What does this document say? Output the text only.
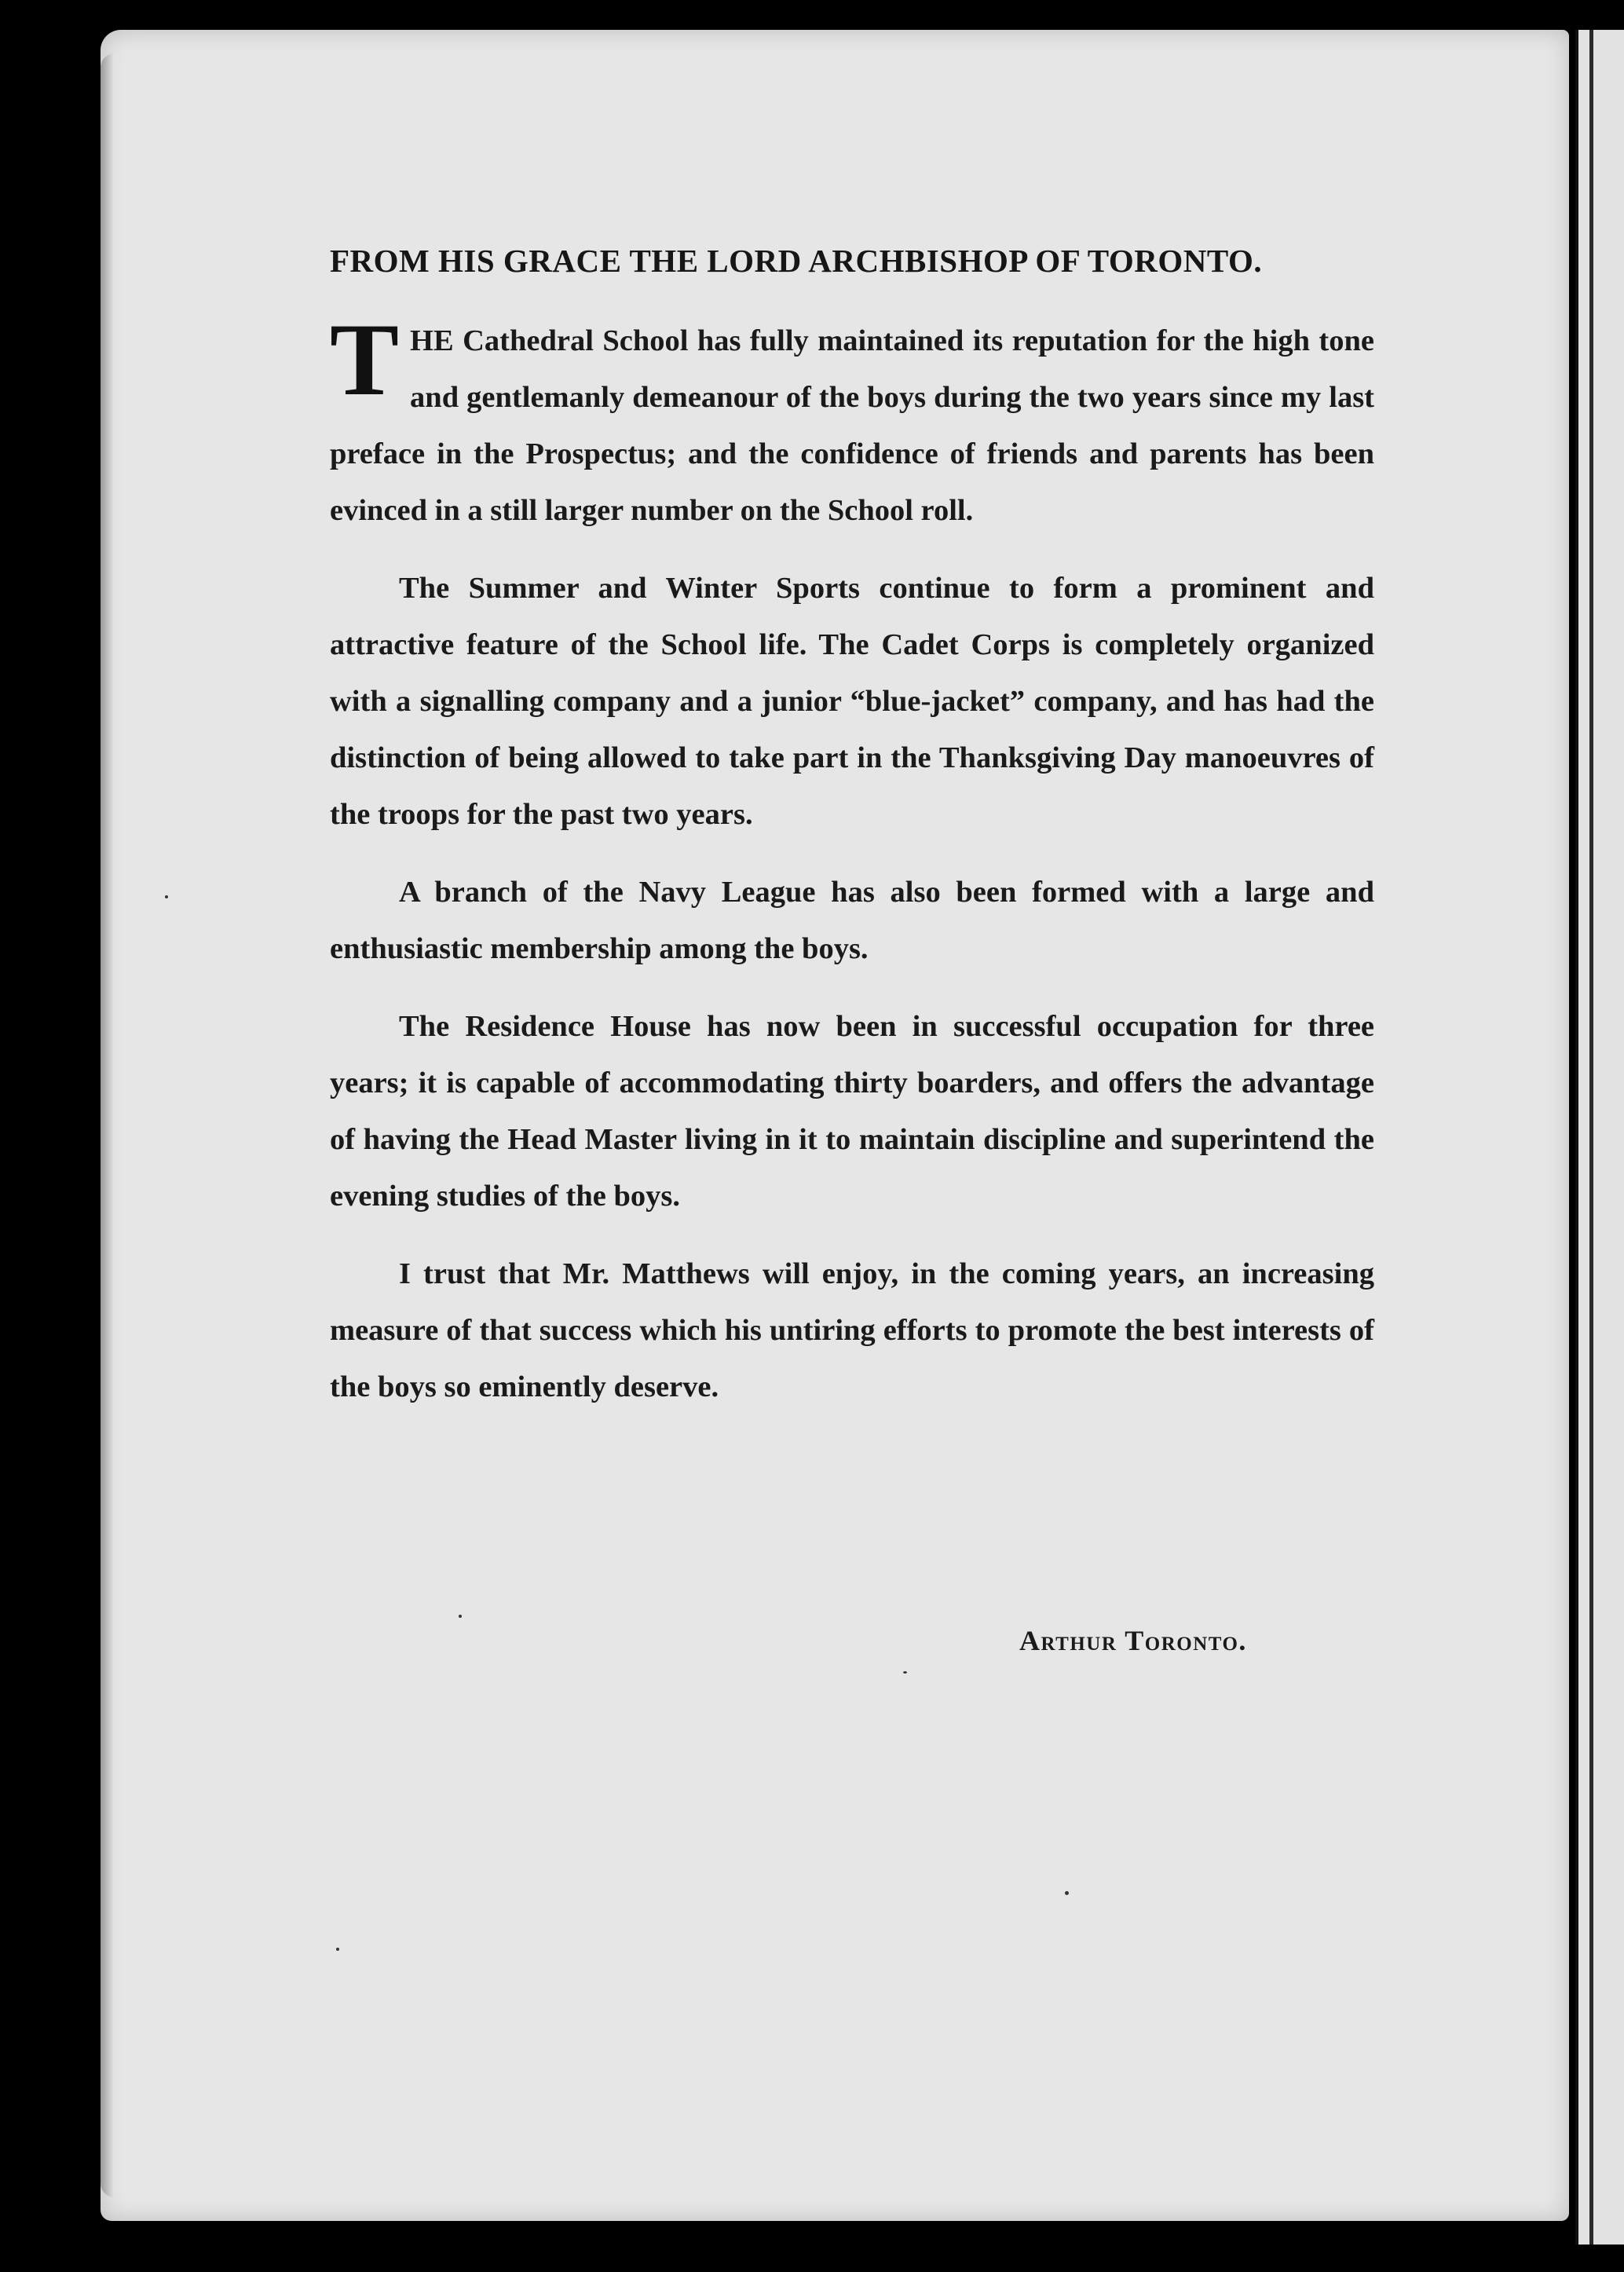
FROM HIS GRACE THE LORD ARCHBISHOP OF TORONTO.

THE Cathedral School has fully maintained its reputation for the high tone and gentlemanly demeanour of the boys during the two years since my last preface in the Prospectus; and the confidence of friends and parents has been evinced in a still larger number on the School roll.

The Summer and Winter Sports continue to form a prominent and attractive feature of the School life. The Cadet Corps is completely organized with a signalling company and a junior “blue-jacket” company, and has had the distinction of being allowed to take part in the Thanksgiving Day manoeuvres of the troops for the past two years.

A branch of the Navy League has also been formed with a large and enthusiastic membership among the boys.

The Residence House has now been in successful occupation for three years; it is capable of accommodating thirty boarders, and offers the advantage of having the Head Master living in it to maintain discipline and superintend the evening studies of the boys.

I trust that Mr. Matthews will enjoy, in the coming years, an increasing measure of that success which his untiring efforts to promote the best interests of the boys so eminently deserve.

Arthur Toronto.
